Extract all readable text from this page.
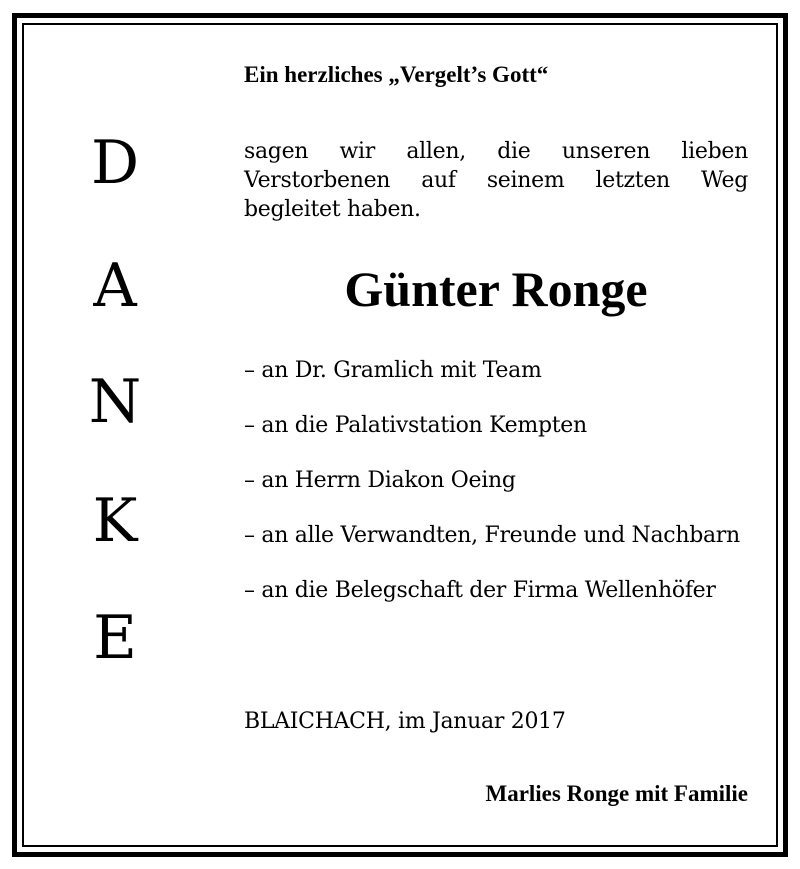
D
A
N
K
E
Ein herzliches „Vergelt’s Gott“
sagen wir allen, die unseren lieben Verstorbenen auf seinem letzten Weg begleitet haben.
Günter Ronge
– an Dr. Gramlich mit Team
– an die Palativstation Kempten
– an Herrn Diakon Oeing
– an alle Verwandten, Freunde und Nachbarn
– an die Belegschaft der Firma Wellenhöfer
BLAICHACH, im Januar 2017
Marlies Ronge mit Familie
